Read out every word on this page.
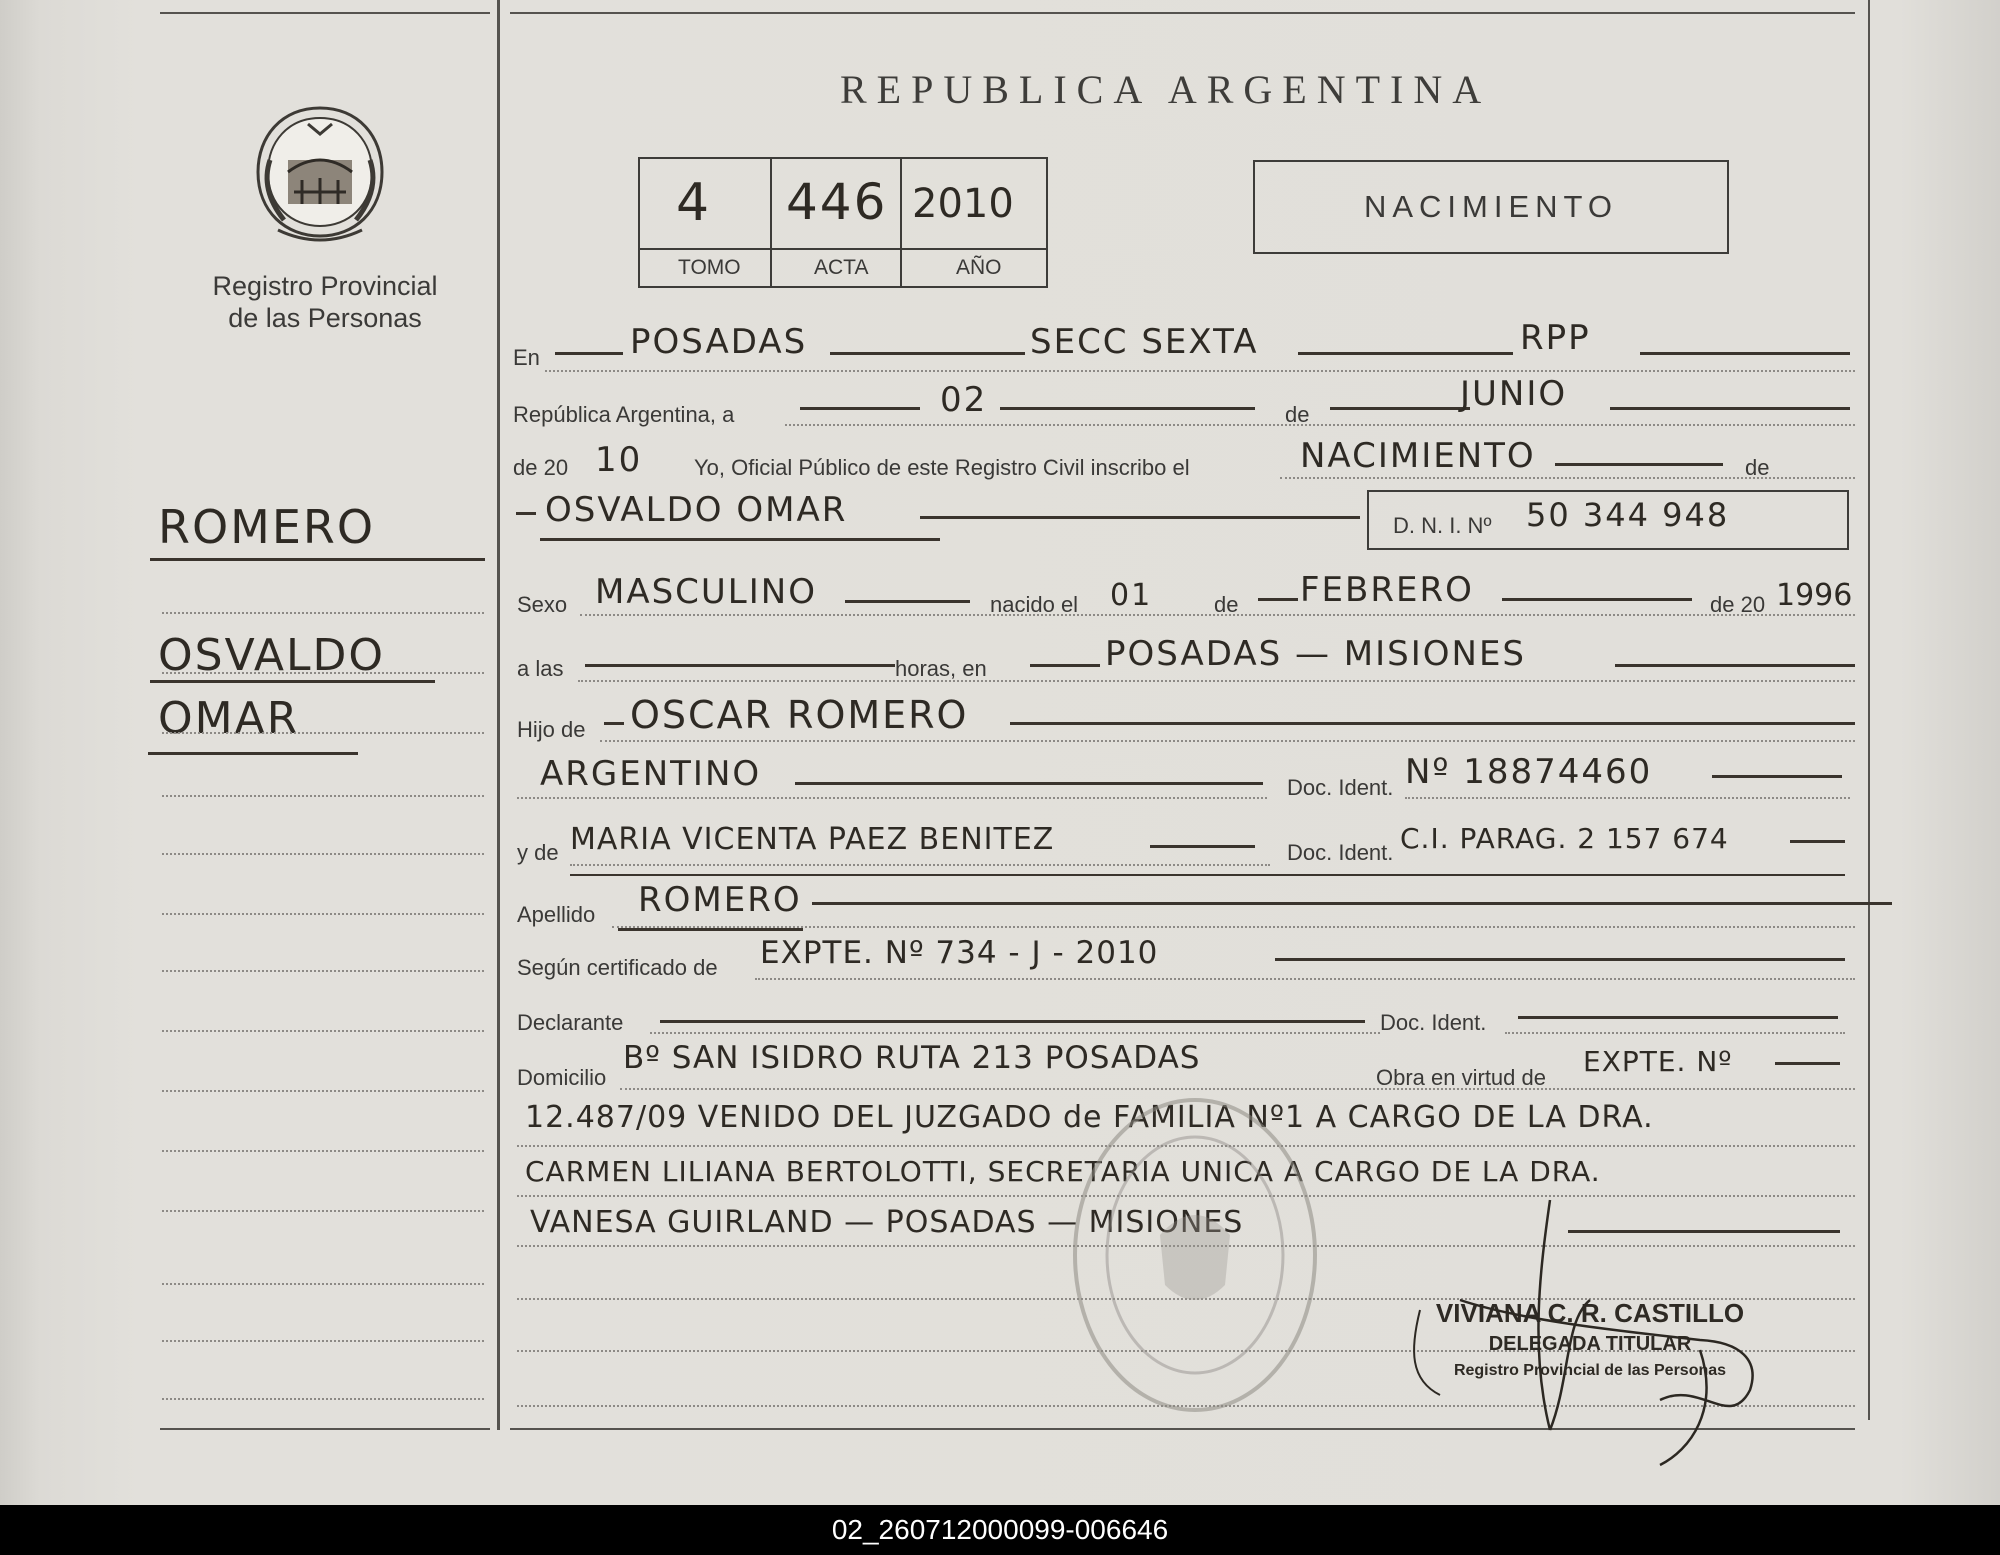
Registro Provincial
de las Personas
REPUBLICA ARGENTINA
4 446 2010
TOMO	ACTA	AÑO
NACIMIENTO
ROMERO
OSVALDO
OMAR
En	POSADAS	SECC SEXTA	RPP
República Argentina, a	02	de
JUNIO
de 20 10 Yo, Oficial Público de este Registro Civil inscribo el	NACIMIENTO	de
OSVALDO OMAR	D. N. I. Nº 50 344 948
Sexo MASCULINO	nacido el 01	de FEBRERO	de 20 1996
a las	horas, en	POSADAS — MISIONES
Hijo de OSCAR ROMERO
ARGENTINO	Doc. Ident. Nº 18874460
y de MARIA VICENTA PAEZ BENITEZ	Doc. Ident. C.I. PARAG. 2 157 674
Apellido ROMERO
Según certificado de EXPTE. Nº 734 - J - 2010
Declarante	Doc. Ident.
Domicilio
Bº SAN ISIDRO RUTA 213 POSADAS
Obra en virtud de EXPTE. Nº
12.487/09 VENIDO DEL JUZGADO de FAMILIA Nº1 A CARGO DE LA DRA.
CARMEN LILIANA BERTOLOTTI, SECRETARIA UNICA A CARGO DE LA DRA.
VANESA GUIRLAND — POSADAS — MISIONES
VIVIANA C. R. CASTILLO
DELEGADA TITULAR
Registro Provincial de las Personas
02_260712000099-006646
